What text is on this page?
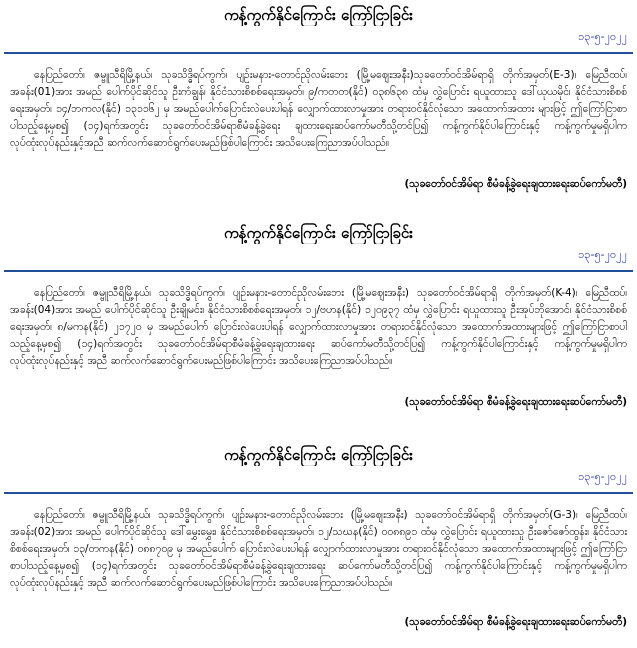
ကန့်ကွက်နိုင်ကြောင်း ကြော်ငြာခြင်း
၁၃-၅-၂၀၂၂

နေပြည်တော်၊ ဇမ္ဗူသီရိမြို့နယ်၊ သုခသိဒ္ဓိရပ်ကွက်၊ ပျဉ်းမနား-တောင်ညိုလမ်းဘေး (မြို့မဈေးအနီး)သုခတော်ဝင်အိမ်ရာရှိ တိုက်အမှတ်(E-3)၊ မြေညီထပ်၊ အခန်း(01)အား အမည် ပေါက်ပိုင်ဆိုင်သူ ဦးကံချွန်၊ နိုင်ငံသားစိစစ်ရေးအမှတ်၊ ၉/ကတတ(နိုင်) ၀၃၈၆၃၈ ထံမှ လွှဲပြောင်း ရယူထားသူ ဒေါ်ယုယမိုင်၊ နိုင်ငံသားစိစစ်ရေးအမှတ်၊ ၁၄/ဘကလ(နိုင်) ၁၃၁၁၆၂ မှ အမည်ပေါက်ပြောင်းလဲပေးပါရန် လျှောက်ထားလာမှုအား တရားဝင်နိုင်လုံသော အထောက်အထား များဖြင့် ဤကြော်ငြာစာပါသည့်နေ့မှစ၍ (၁၄)ရက်အတွင်း သုခတော်ဝင်အိမ်ရာစီမံခန့်ခွဲရေး ချထားရေးဆပ်ကော်မတီသို့တင်ပြ၍ ကန့်ကွက်နိုင်ပါကြောင်းနှင့် ကန့်ကွက်မှုမရှိပါက လုပ်ထုံးလုပ်နည်းနှင့်အညီ ဆက်လက်ဆောင်ရွက်ပေးမည်ဖြစ်ပါကြောင်း အသိပေးကြေညာအပ်ပါသည်။

(သုခတော်ဝင်အိမ်ရာ စီမံခန့်ခွဲရေးချထားရေးဆပ်ကော်မတီ)
ကန့်ကွက်နိုင်ကြောင်း ကြော်ငြာခြင်း
၁၃-၅-၂၀၂၂

နေပြည်တော်၊ ဇမ္ဗူသီရိမြို့နယ်၊ သုခသိဒ္ဓိရပ်ကွက်၊ ပျဉ်းမနား-တောင်ညိုလမ်းဘေး (မြို့မဈေးအနီး) သုခတော်ဝင်အိမ်ရာရှိ တိုက်အမှတ်(K-4)၊ မြေညီထပ်၊ အခန်း(04)အား အမည် ပေါက်ပိုင်ဆိုင်သူ ဦးချိုမင်း၊ နိုင်ငံသားစိစစ်ရေးအမှတ်၊ ၁၂/ဗဟန(နိုင်) ၁၂၀၉၃၇ ထံမှ လွှဲပြောင်း ရယူထားသူ ဦးအုပ်ဘိုအောင်၊ နိုင်ငံသားစိစစ်ရေးအမှတ်၊ ၈/မကန(နိုင်) ၂၁၇၂၀ မှ အမည်ပေါက် ပြောင်းလဲပေးပါရန် လျှောက်ထားလာမှုအား တရားဝင်နိုင်လုံသော အထောက်အထားများဖြင့် ဤကြော်ငြာစာပါသည့်နေ့မှစ၍ (၁၄)ရက်အတွင်း သုခတော်ဝင်အိမ်ရာစီမံခန့်ခွဲရေးချထားရေး ဆပ်ကော်မတီသို့တင်ပြ၍ ကန့်ကွက်နိုင်ပါကြောင်းနှင့် ကန့်ကွက်မှုမရှိပါက လုပ်ထုံးလုပ်နည်းနှင့် အညီ ဆက်လက်ဆောင်ရွက်ပေးမည်ဖြစ်ပါကြောင်း အသိပေးကြေညာအပ်ပါသည်။

(သုခတော်ဝင်အိမ်ရာ စီမံခန့်ခွဲရေးချထားရေးဆပ်ကော်မတီ)
ကန့်ကွက်နိုင်ကြောင်း ကြော်ငြာခြင်း
၁၃-၅-၂၀၂၂

နေပြည်တော်၊ ဇမ္ဗူသီရိမြို့နယ်၊ သုခသိဒ္ဓိရပ်ကွက်၊ ပျဉ်းမနား-တောင်ညိုလမ်းဘေး (မြို့မဈေးအနီး) သုခတော်ဝင်အိမ်ရာရှိ တိုက်အမှတ်(G-3)၊ မြေညီထပ်၊ အခန်း(02)အား အမည် ပေါက်ပိုင်ဆိုင်သူ ဒေါ်မွှေးမွှေး၊ နိုင်ငံသားစိစစ်ရေးအမှတ်၊ ၁၂/သဃန(နိုင်) ၀၀၈၈၉၁ ထံမှ လွှဲပြောင်း ရယူထားသူ ဦးဇော်ဇော်ထွန်း၊ နိုင်ငံသားစိစစ်ရေးအမှတ်၊ ၁၃/တကန(နိုင်) ၀၈၈၇၀၉ မှ အမည်ပေါက် ပြောင်းလဲပေးပါရန် လျှောက်ထားလာမှုအား တရားဝင်နိုင်လုံသော အထောက်အထားများဖြင့် ဤကြော်ငြာစာပါသည့်နေ့မှစ၍ (၁၄)ရက်အတွင်း သုခတော်ဝင်အိမ်ရာစီမံခန့်ခွဲရေးချထားရေး ဆပ်ကော်မတီသို့တင်ပြ၍ ကန့်ကွက်နိုင်ပါကြောင်းနှင့် ကန့်ကွက်မှုမရှိပါက လုပ်ထုံးလုပ်နည်းနှင့် အညီ ဆက်လက်ဆောင်ရွက်ပေးမည်ဖြစ်ပါကြောင်း အသိပေးကြေညာအပ်ပါသည်။

(သုခတော်ဝင်အိမ်ရာ စီမံခန့်ခွဲရေးချထားရေးဆပ်ကော်မတီ)
